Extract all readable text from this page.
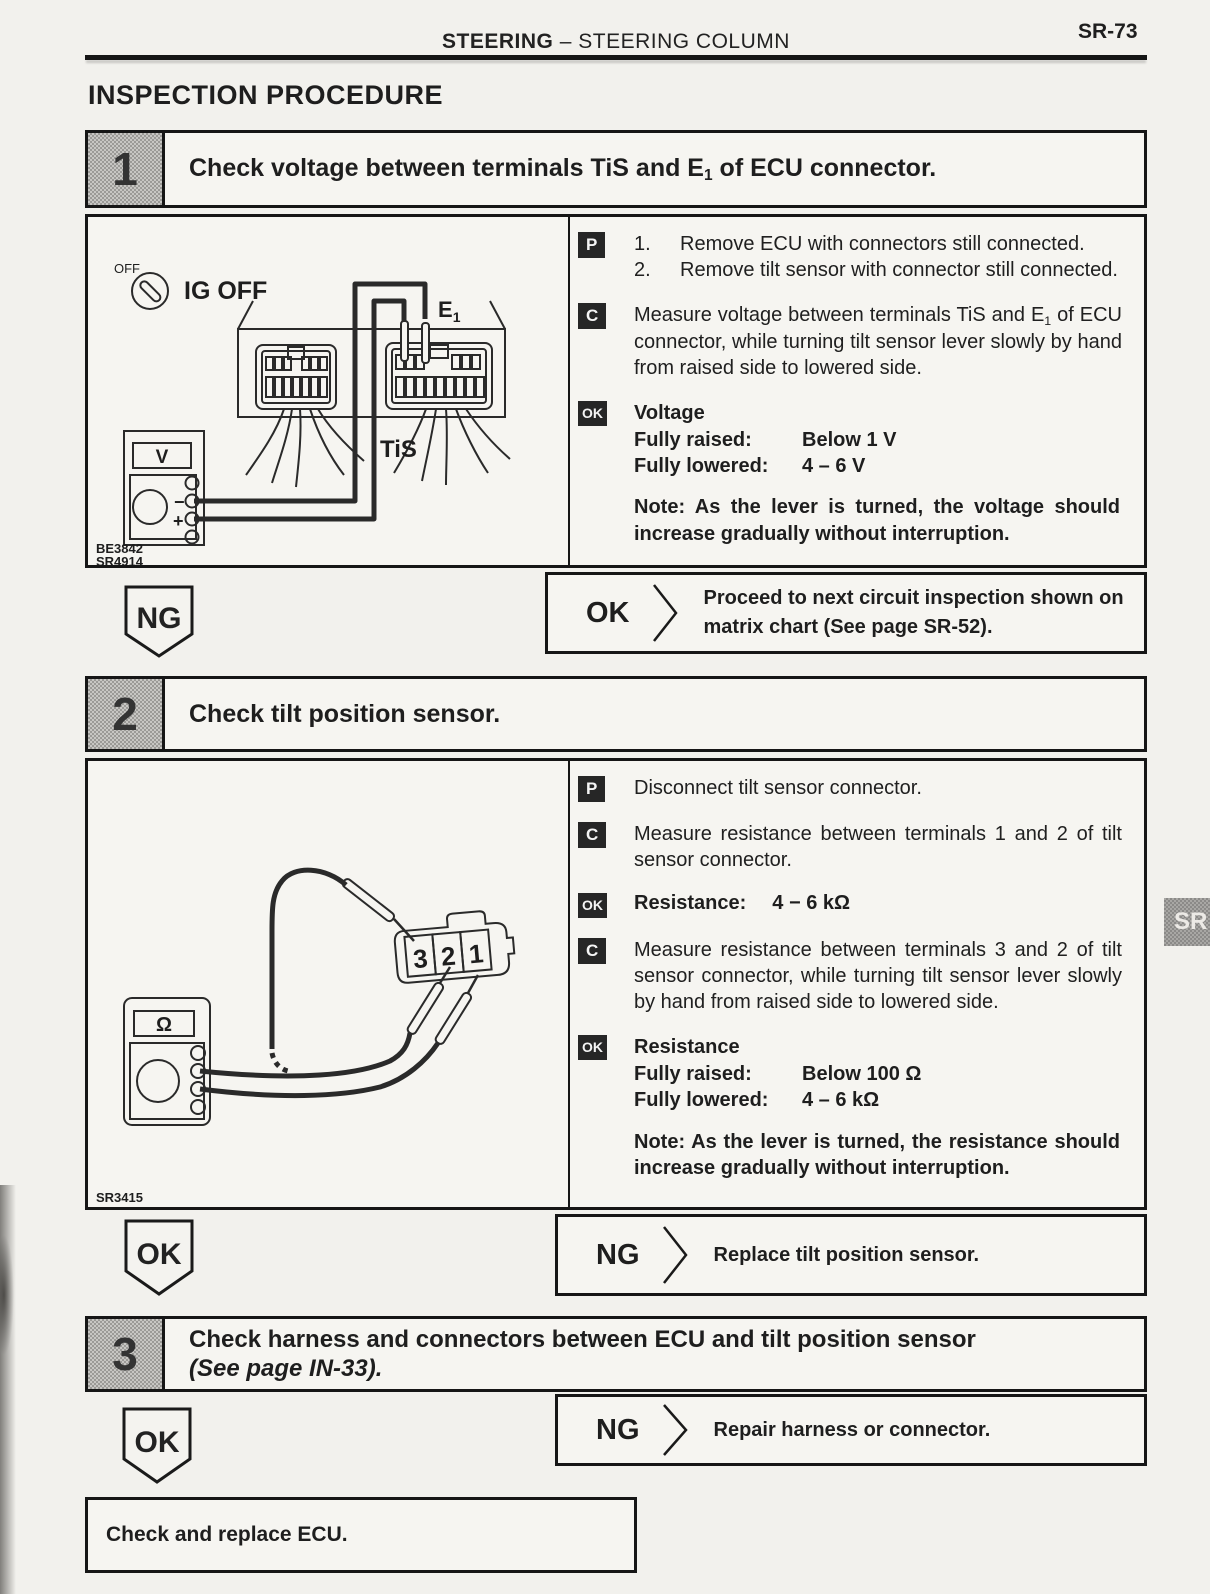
STEERING – STEERING COLUMN	SR-73
INSPECTION PROCEDURE
1 Check voltage between terminals TiS and $E_1$ of ECU connector.
OFF
IG OFF
$E_1$
TiS
V
−
+
BE3842
SR4914
P	1.	Remove ECU with connectors still connected.
2.	Remove tilt sensor with connector still connected.
C	Measure voltage between terminals TiS and $E_1$ of ECU connector, while turning tilt sensor lever slowly by hand from raised side to lowered side.
OK	Voltage
Fully raised:	Below 1 V
Fully lowered:	4 – 6 V
Note: As the lever is turned, the voltage should increase gradually without interruption.
NG	OK	Proceed to next circuit inspection shown on matrix chart (See page SR-52).
2 Check tilt position sensor.
3 2 1
Ω
SR3415
P	Disconnect tilt sensor connector.
C	Measure resistance between terminals 1 and 2 of tilt sensor connector.
OK	Resistance: 4 − 6 kΩ
C	Measure resistance between terminals 3 and 2 of tilt sensor connector, while turning tilt sensor lever slowly by hand from raised side to lowered side.
OK	Resistance
Fully raised:	Below 100 Ω
Fully lowered:	4 – 6 kΩ
Note: As the lever is turned, the resistance should increase gradually without interruption.
OK	NG	Replace tilt position sensor.
3 Check harness and connectors between ECU and tilt position sensor
(See page IN-33).
OK	NG	Repair harness or connector.
Check and replace ECU.
SR
